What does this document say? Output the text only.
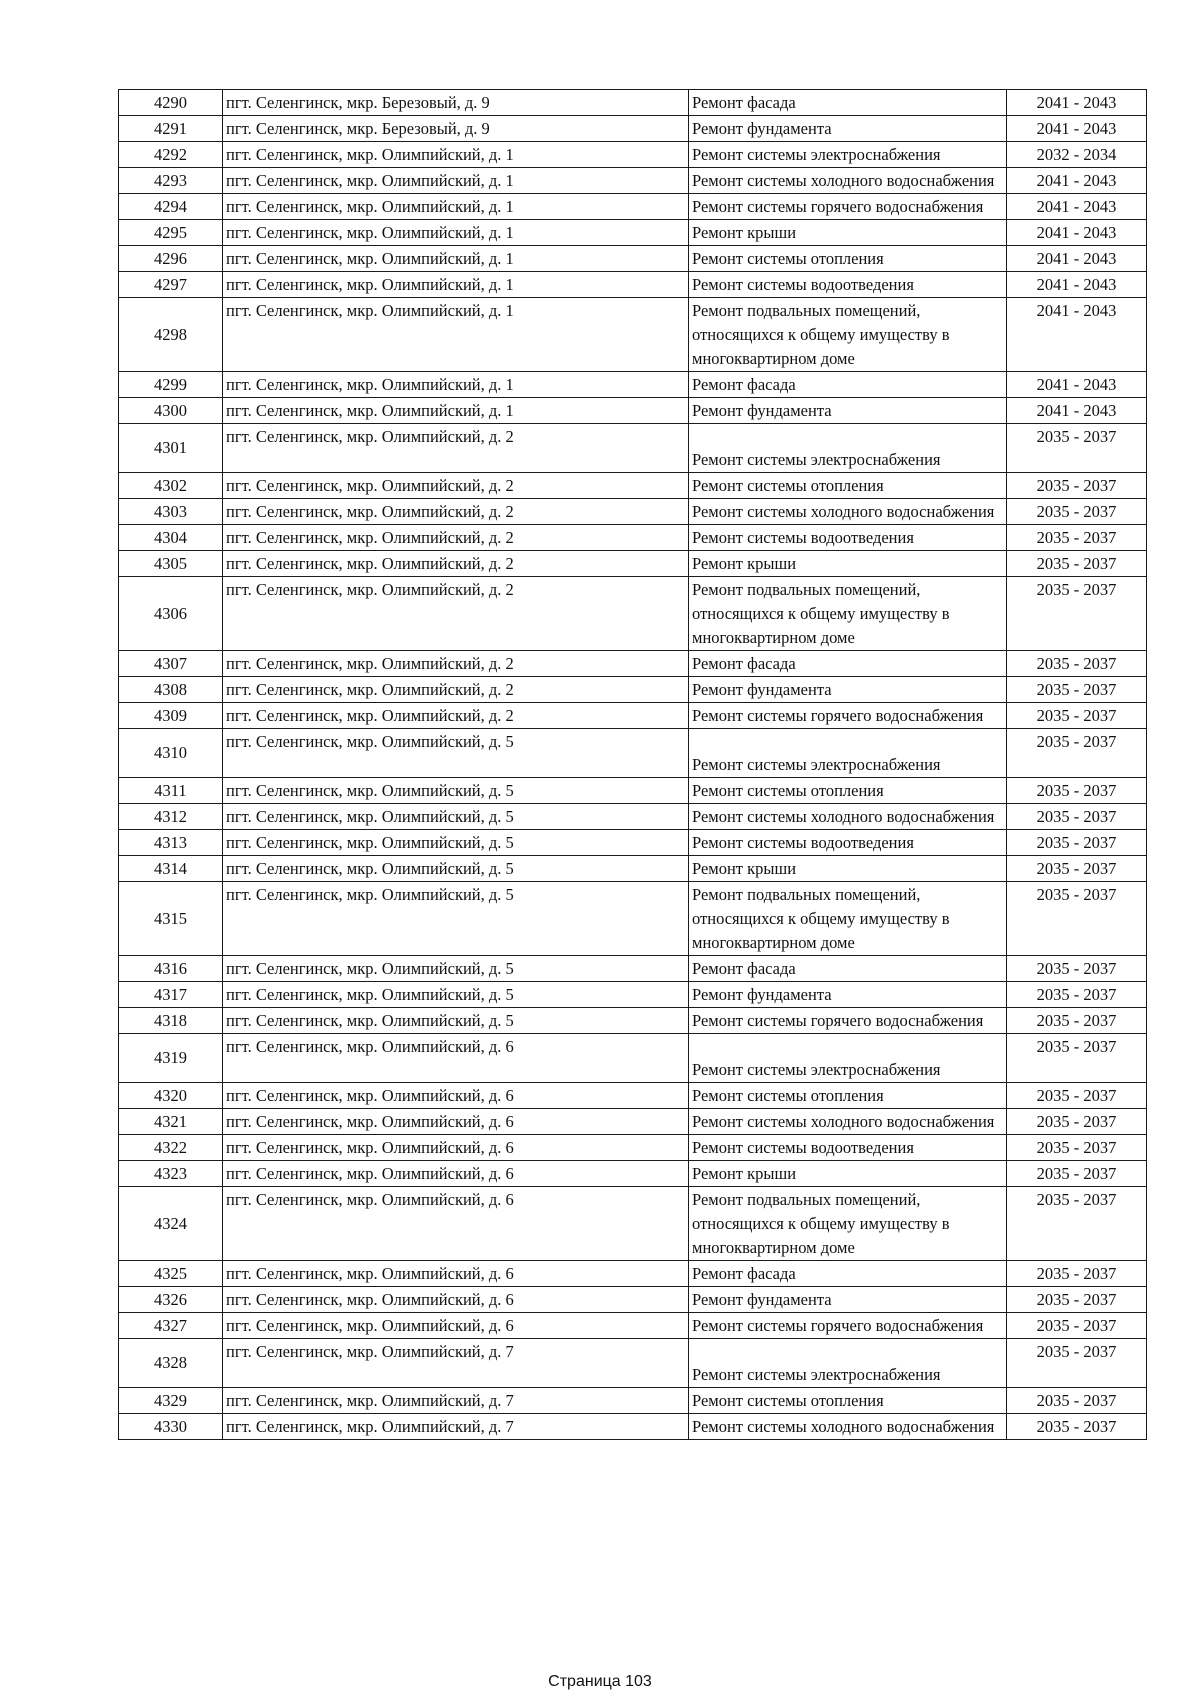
4290	пгт. Селенгинск, мкр. Березовый, д. 9	Ремонт фасада	2041 - 2043
4291	пгт. Селенгинск, мкр. Березовый, д. 9	Ремонт фундамента	2041 - 2043
4292	пгт. Селенгинск, мкр. Олимпийский, д. 1	Ремонт системы электроснабжения	2032 - 2034
4293	пгт. Селенгинск, мкр. Олимпийский, д. 1	Ремонт системы холодного водоснабжения	2041 - 2043
4294	пгт. Селенгинск, мкр. Олимпийский, д. 1	Ремонт системы горячего водоснабжения	2041 - 2043
4295	пгт. Селенгинск, мкр. Олимпийский, д. 1	Ремонт крыши	2041 - 2043
4296	пгт. Селенгинск, мкр. Олимпийский, д. 1	Ремонт системы отопления	2041 - 2043
4297	пгт. Селенгинск, мкр. Олимпийский, д. 1	Ремонт системы водоотведения	2041 - 2043
4298	пгт. Селенгинск, мкр. Олимпийский, д. 1	Ремонт подвальных помещений, относящихся к общему имуществу в многоквартирном доме	2041 - 2043
4299	пгт. Селенгинск, мкр. Олимпийский, д. 1	Ремонт фасада	2041 - 2043
4300	пгт. Селенгинск, мкр. Олимпийский, д. 1	Ремонт фундамента	2041 - 2043
4301	пгт. Селенгинск, мкр. Олимпийский, д. 2	Ремонт системы электроснабжения	2035 - 2037
4302	пгт. Селенгинск, мкр. Олимпийский, д. 2	Ремонт системы отопления	2035 - 2037
4303	пгт. Селенгинск, мкр. Олимпийский, д. 2	Ремонт системы холодного водоснабжения	2035 - 2037
4304	пгт. Селенгинск, мкр. Олимпийский, д. 2	Ремонт системы водоотведения	2035 - 2037
4305	пгт. Селенгинск, мкр. Олимпийский, д. 2	Ремонт крыши	2035 - 2037
4306	пгт. Селенгинск, мкр. Олимпийский, д. 2	Ремонт подвальных помещений, относящихся к общему имуществу в многоквартирном доме	2035 - 2037
4307	пгт. Селенгинск, мкр. Олимпийский, д. 2	Ремонт фасада	2035 - 2037
4308	пгт. Селенгинск, мкр. Олимпийский, д. 2	Ремонт фундамента	2035 - 2037
4309	пгт. Селенгинск, мкр. Олимпийский, д. 2	Ремонт системы горячего водоснабжения	2035 - 2037
4310	пгт. Селенгинск, мкр. Олимпийский, д. 5	Ремонт системы электроснабжения	2035 - 2037
4311	пгт. Селенгинск, мкр. Олимпийский, д. 5	Ремонт системы отопления	2035 - 2037
4312	пгт. Селенгинск, мкр. Олимпийский, д. 5	Ремонт системы холодного водоснабжения	2035 - 2037
4313	пгт. Селенгинск, мкр. Олимпийский, д. 5	Ремонт системы водоотведения	2035 - 2037
4314	пгт. Селенгинск, мкр. Олимпийский, д. 5	Ремонт крыши	2035 - 2037
4315	пгт. Селенгинск, мкр. Олимпийский, д. 5	Ремонт подвальных помещений, относящихся к общему имуществу в многоквартирном доме	2035 - 2037
4316	пгт. Селенгинск, мкр. Олимпийский, д. 5	Ремонт фасада	2035 - 2037
4317	пгт. Селенгинск, мкр. Олимпийский, д. 5	Ремонт фундамента	2035 - 2037
4318	пгт. Селенгинск, мкр. Олимпийский, д. 5	Ремонт системы горячего водоснабжения	2035 - 2037
4319	пгт. Селенгинск, мкр. Олимпийский, д. 6	Ремонт системы электроснабжения	2035 - 2037
4320	пгт. Селенгинск, мкр. Олимпийский, д. 6	Ремонт системы отопления	2035 - 2037
4321	пгт. Селенгинск, мкр. Олимпийский, д. 6	Ремонт системы холодного водоснабжения	2035 - 2037
4322	пгт. Селенгинск, мкр. Олимпийский, д. 6	Ремонт системы водоотведения	2035 - 2037
4323	пгт. Селенгинск, мкр. Олимпийский, д. 6	Ремонт крыши	2035 - 2037
4324	пгт. Селенгинск, мкр. Олимпийский, д. 6	Ремонт подвальных помещений, относящихся к общему имуществу в многоквартирном доме	2035 - 2037
4325	пгт. Селенгинск, мкр. Олимпийский, д. 6	Ремонт фасада	2035 - 2037
4326	пгт. Селенгинск, мкр. Олимпийский, д. 6	Ремонт фундамента	2035 - 2037
4327	пгт. Селенгинск, мкр. Олимпийский, д. 6	Ремонт системы горячего водоснабжения	2035 - 2037
4328	пгт. Селенгинск, мкр. Олимпийский, д. 7	Ремонт системы электроснабжения	2035 - 2037
4329	пгт. Селенгинск, мкр. Олимпийский, д. 7	Ремонт системы отопления	2035 - 2037
4330	пгт. Селенгинск, мкр. Олимпийский, д. 7	Ремонт системы холодного водоснабжения	2035 - 2037
Страница 103
